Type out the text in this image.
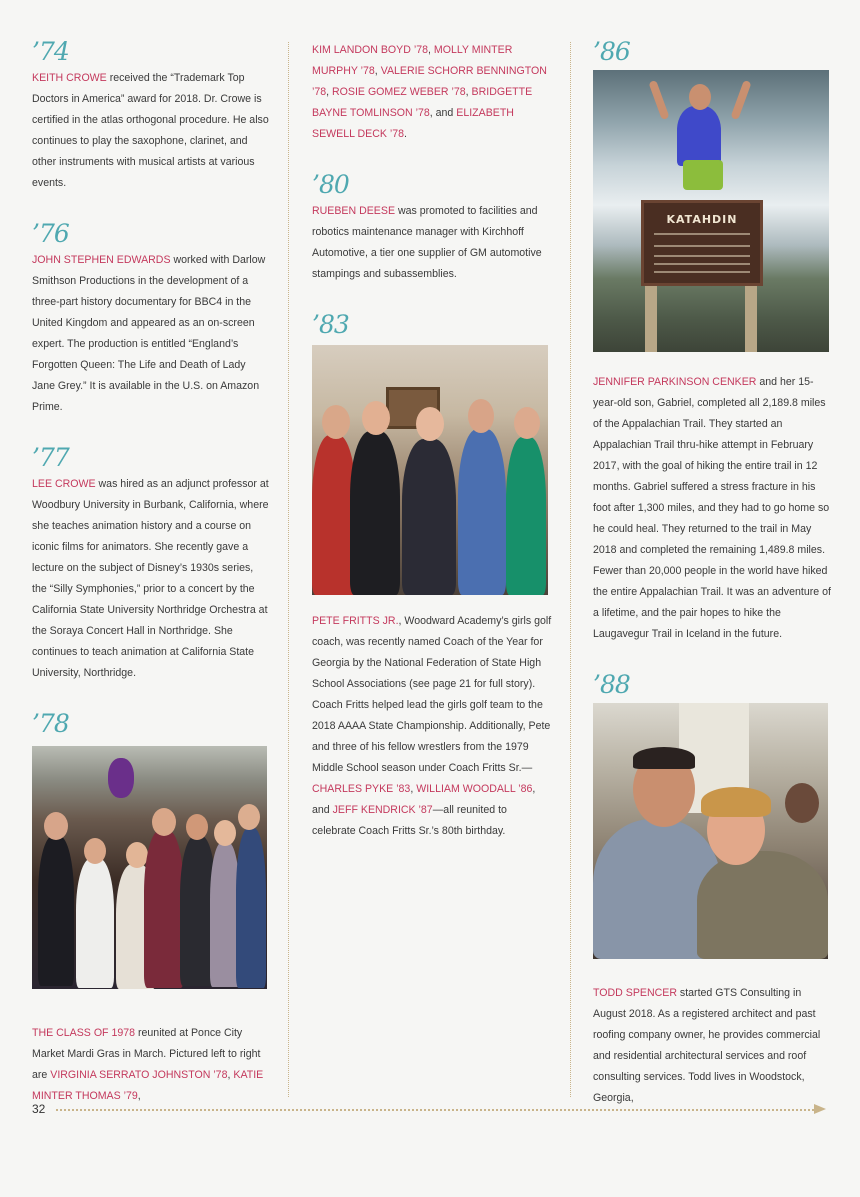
’74

KEITH CROWE received the “Trademark Top Doctors in America” award for 2018. Dr. Crowe is certified in the atlas orthogonal procedure. He also continues to play the saxophone, clarinet, and other instruments with musical artists at various events.

’76

JOHN STEPHEN EDWARDS worked with Darlow Smithson Productions in the development of a three-part history documentary for BBC4 in the United Kingdom and appeared as an on-screen expert. The production is entitled “England’s Forgotten Queen: The Life and Death of Lady Jane Grey.” It is available in the U.S. on Amazon Prime.

’77

LEE CROWE was hired as an adjunct professor at Woodbury University in Burbank, California, where she teaches animation history and a course on iconic films for animators. She recently gave a lecture on the subject of Disney’s 1930s series, the “Silly Symphonies,” prior to a concert by the California State University Northridge Orchestra at the Soraya Concert Hall in Northridge. She continues to teach animation at California State University, Northridge.

’78

THE CLASS OF 1978 reunited at Ponce City Market Mardi Gras in March. Pictured left to right are VIRGINIA SERRATO JOHNSTON ’78, KATIE MINTER THOMAS ’79,

KIM LANDON BOYD ’78, MOLLY MINTER MURPHY ’78, VALERIE SCHORR BENNINGTON ’78, ROSIE GOMEZ WEBER ’78, BRIDGETTE BAYNE TOMLINSON ’78, and ELIZABETH SEWELL DECK ’78.

’80

RUEBEN DEESE was promoted to facilities and robotics maintenance manager with Kirchhoff Automotive, a tier one supplier of GM automotive stampings and subassemblies.

’83

PETE FRITTS JR., Woodward Academy’s girls golf coach, was recently named Coach of the Year for Georgia by the National Federation of State High School Associations (see page 21 for full story). Coach Fritts helped lead the girls golf team to the 2018 AAAA State Championship. Additionally, Pete and three of his fellow wrestlers from the 1979 Middle School season under Coach Fritts Sr.—CHARLES PYKE ’83, WILLIAM WOODALL ’86, and JEFF KENDRICK ’87—all reunited to celebrate Coach Fritts Sr.’s 80th birthday.

’86
KATAHDIN

JENNIFER PARKINSON CENKER and her 15-year-old son, Gabriel, completed all 2,189.8 miles of the Appalachian Trail. They started an Appalachian Trail thru-hike attempt in February 2017, with the goal of hiking the entire trail in 12 months. Gabriel suffered a stress fracture in his foot after 1,300 miles, and they had to go home so he could heal. They returned to the trail in May 2018 and completed the remaining 1,489.8 miles. Fewer than 20,000 people in the world have hiked the entire Appalachian Trail. It was an adventure of a lifetime, and the pair hopes to hike the Laugavegur Trail in Iceland in the future.

’88

TODD SPENCER started GTS Consulting in August 2018. As a registered architect and past roofing company owner, he provides commercial and residential architectural services and roof consulting services. Todd lives in Woodstock, Georgia,

32
